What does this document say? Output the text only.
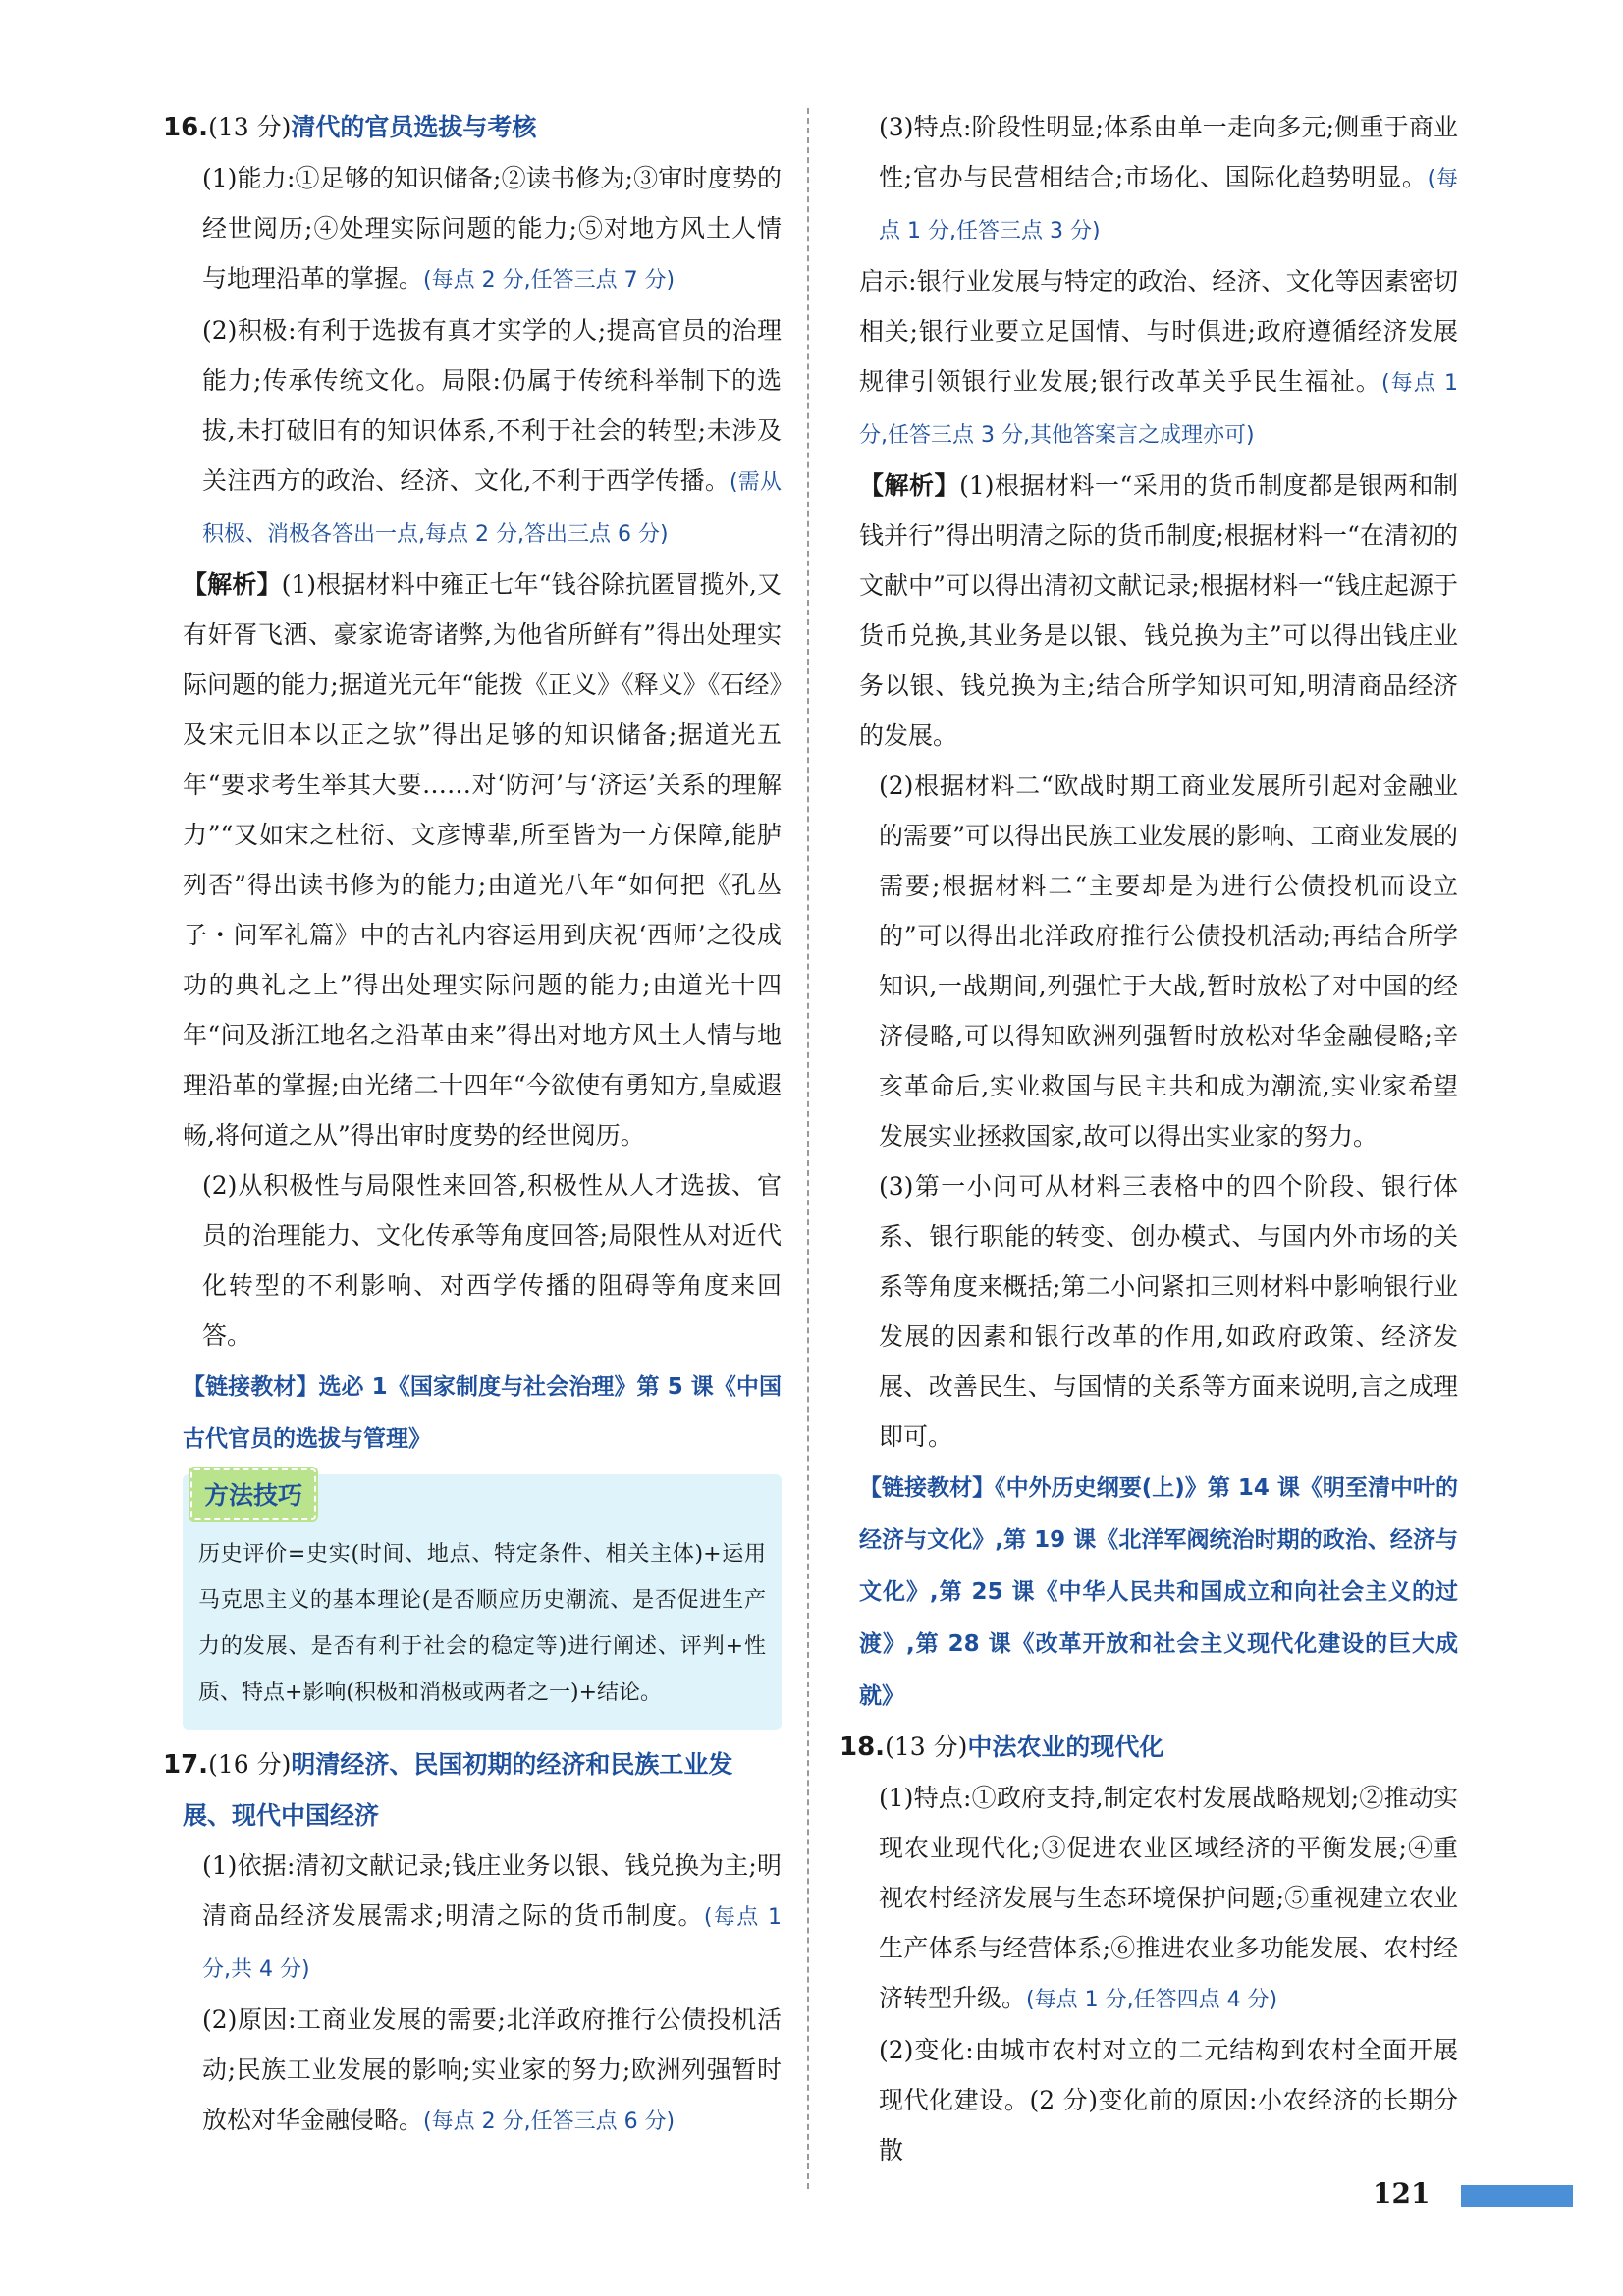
16.(13 分)清代的官员选拔与考核

(1)能力:①足够的知识储备;②读书修为;③审时度势的经世阅历;④处理实际问题的能力;⑤对地方风土人情与地理沿革的掌握。(每点 2 分,任答三点 7 分)

(2)积极:有利于选拔有真才实学的人;提高官员的治理能力;传承传统文化。局限:仍属于传统科举制下的选拔,未打破旧有的知识体系,不利于社会的转型;未涉及关注西方的政治、经济、文化,不利于西学传播。(需从积极、消极各答出一点,每点 2 分,答出三点 6 分)

【解析】(1)根据材料中雍正七年“钱谷除抗匿冒揽外,又有奸胥飞洒、豪家诡寄诸弊,为他省所鲜有”得出处理实际问题的能力;据道光元年“能拨《正义》《释义》《石经》及宋元旧本以正之欤”得出足够的知识储备;据道光五年“要求考生举其大要……对‘防河’与‘济运’关系的理解力”“又如宋之杜衍、文彦博辈,所至皆为一方保障,能胪列否”得出读书修为的能力;由道光八年“如何把《孔丛子・问军礼篇》中的古礼内容运用到庆祝‘西师’之役成功的典礼之上”得出处理实际问题的能力;由道光十四年“问及浙江地名之沿革由来”得出对地方风土人情与地理沿革的掌握;由光绪二十四年“今欲使有勇知方,皇威遐畅,将何道之从”得出审时度势的经世阅历。

(2)从积极性与局限性来回答,积极性从人才选拔、官员的治理能力、文化传承等角度回答;局限性从对近代化转型的不利影响、对西学传播的阻碍等角度来回答。

【链接教材】选必 1《国家制度与社会治理》第 5 课《中国古代官员的选拔与管理》

方法技巧

历史评价=史实(时间、地点、特定条件、相关主体)+运用马克思主义的基本理论(是否顺应历史潮流、是否促进生产力的发展、是否有利于社会的稳定等)进行阐述、评判+性质、特点+影响(积极和消极或两者之一)+结论。

17.(16 分)明清经济、民国初期的经济和民族工业发展、现代中国经济

(1)依据:清初文献记录;钱庄业务以银、钱兑换为主;明清商品经济发展需求;明清之际的货币制度。(每点 1 分,共 4 分)

(2)原因:工商业发展的需要;北洋政府推行公债投机活动;民族工业发展的影响;实业家的努力;欧洲列强暂时放松对华金融侵略。(每点 2 分,任答三点 6 分)

(3)特点:阶段性明显;体系由单一走向多元;侧重于商业性;官办与民营相结合;市场化、国际化趋势明显。(每点 1 分,任答三点 3 分)

启示:银行业发展与特定的政治、经济、文化等因素密切相关;银行业要立足国情、与时俱进;政府遵循经济发展规律引领银行业发展;银行改革关乎民生福祉。(每点 1 分,任答三点 3 分,其他答案言之成理亦可)

【解析】(1)根据材料一“采用的货币制度都是银两和制钱并行”得出明清之际的货币制度;根据材料一“在清初的文献中”可以得出清初文献记录;根据材料一“钱庄起源于货币兑换,其业务是以银、钱兑换为主”可以得出钱庄业务以银、钱兑换为主;结合所学知识可知,明清商品经济的发展。

(2)根据材料二“欧战时期工商业发展所引起对金融业的需要”可以得出民族工业发展的影响、工商业发展的需要;根据材料二“主要却是为进行公债投机而设立的”可以得出北洋政府推行公债投机活动;再结合所学知识,一战期间,列强忙于大战,暂时放松了对中国的经济侵略,可以得知欧洲列强暂时放松对华金融侵略;辛亥革命后,实业救国与民主共和成为潮流,实业家希望发展实业拯救国家,故可以得出实业家的努力。

(3)第一小问可从材料三表格中的四个阶段、银行体系、银行职能的转变、创办模式、与国内外市场的关系等角度来概括;第二小问紧扣三则材料中影响银行业发展的因素和银行改革的作用,如政府政策、经济发展、改善民生、与国情的关系等方面来说明,言之成理即可。

【链接教材】《中外历史纲要(上)》第 14 课《明至清中叶的经济与文化》,第 19 课《北洋军阀统治时期的政治、经济与文化》,第 25 课《中华人民共和国成立和向社会主义的过渡》,第 28 课《改革开放和社会主义现代化建设的巨大成就》

18.(13 分)中法农业的现代化

(1)特点:①政府支持,制定农村发展战略规划;②推动实现农业现代化;③促进农业区域经济的平衡发展;④重视农村经济发展与生态环境保护问题;⑤重视建立农业生产体系与经营体系;⑥推进农业多功能发展、农村经济转型升级。(每点 1 分,任答四点 4 分)

(2)变化:由城市农村对立的二元结构到农村全面开展现代化建设。(2 分)变化前的原因:小农经济的长期分散

121
